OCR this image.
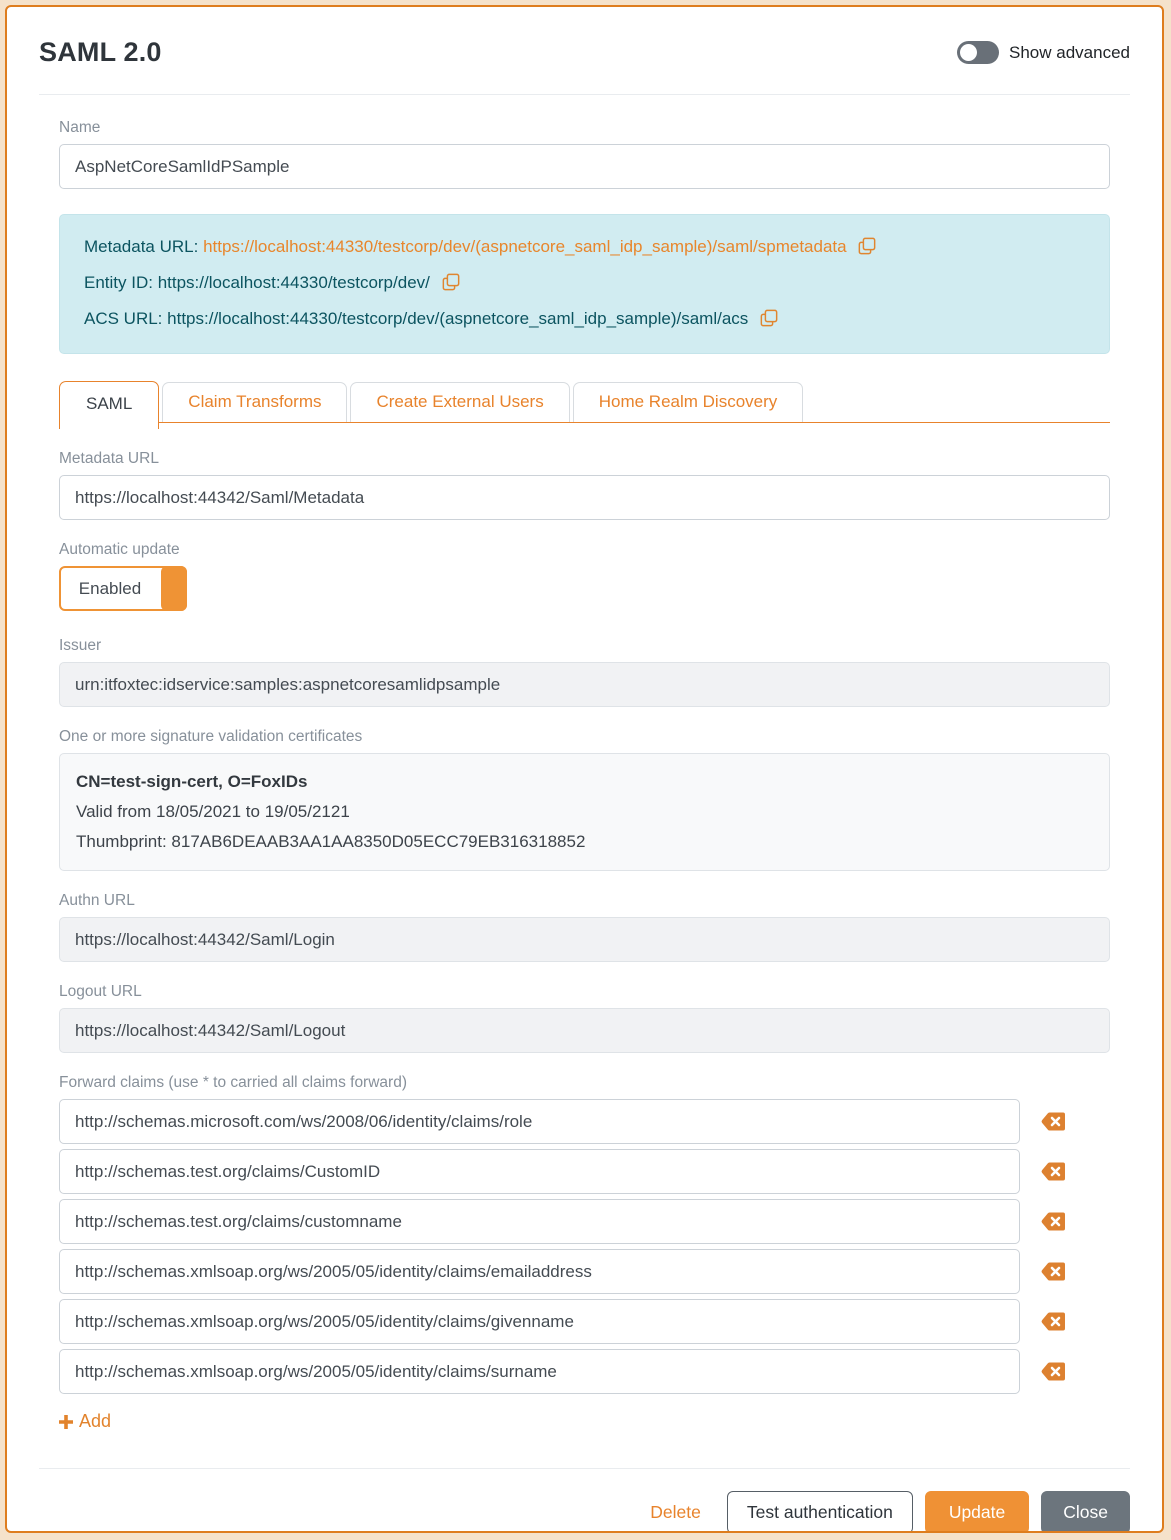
SAML 2.0	Show advanced
Name
AspNetCoreSamlIdPSample
Metadata URL: https://localhost:44330/testcorp/dev/(aspnetcore_saml_idp_sample)/saml/spmetadata
Entity ID: https://localhost:44330/testcorp/dev/
ACS URL: https://localhost:44330/testcorp/dev/(aspnetcore_saml_idp_sample)/saml/acs
SAML	Claim Transforms	Create External Users	Home Realm Discovery
Metadata URL
https://localhost:44342/Saml/Metadata
Automatic update
Enabled
Issuer
urn:itfoxtec:idservice:samples:aspnetcoresamlidpsample
One or more signature validation certificates
CN=test-sign-cert, O=FoxIDs
Valid from 18/05/2021 to 19/05/2121
Thumbprint: 817AB6DEAAB3AA1AA8350D05ECC79EB316318852
Authn URL
https://localhost:44342/Saml/Login
Logout URL
https://localhost:44342/Saml/Logout
Forward claims (use * to carried all claims forward)
http://schemas.microsoft.com/ws/2008/06/identity/claims/role
http://schemas.test.org/claims/CustomID
http://schemas.test.org/claims/customname
http://schemas.xmlsoap.org/ws/2005/05/identity/claims/emailaddress
http://schemas.xmlsoap.org/ws/2005/05/identity/claims/givenname
http://schemas.xmlsoap.org/ws/2005/05/identity/claims/surname
Add
Delete	Test authentication	Update	Close
